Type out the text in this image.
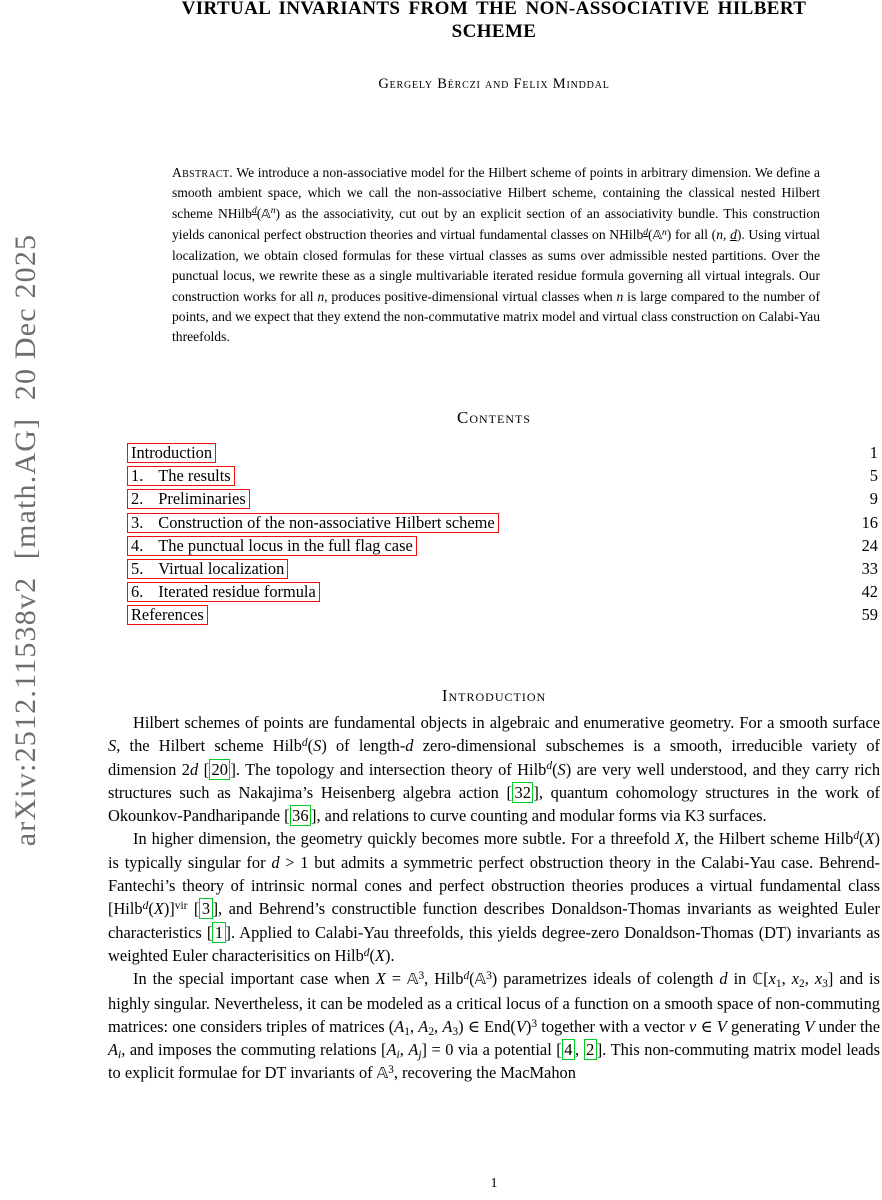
arXiv:2512.11538v2  [math.AG]  20 Dec 2025
VIRTUAL INVARIANTS FROM THE NON-ASSOCIATIVE HILBERT
SCHEME
Gergely Bérczi and Felix Minddal
Abstract. We introduce a non-associative model for the Hilbert scheme of points in arbitrary dimension. We define a smooth ambient space, which we call the non-associative Hilbert scheme, containing the classical nested Hilbert scheme NHilb$^d$(𝔸$^n$) as the associativity, cut out by an explicit section of an associativity bundle. This construction yields canonical perfect obstruction theories and virtual fundamental classes on NHilb$^d$(𝔸$^n$) for all (n, d). Using virtual localization, we obtain closed formulas for these virtual classes as sums over admissible nested partitions. Over the punctual locus, we rewrite these as a single multivariable iterated residue formula governing all virtual integrals. Our construction works for all n, produces positive-dimensional virtual classes when n is large compared to the number of points, and we expect that they extend the non-commutative matrix model and virtual class construction on Calabi-Yau threefolds.
Contents
Introduction	1
1. The results	5
2. Preliminaries	9
3. Construction of the non-associative Hilbert scheme	16
4. The punctual locus in the full flag case	24
5. Virtual localization	33
6. Iterated residue formula	42
References	59
Introduction

Hilbert schemes of points are fundamental objects in algebraic and enumerative geometry. For a smooth surface S, the Hilbert scheme Hilb$^d$(S) of length-d zero-dimensional subschemes is a smooth, irreducible variety of dimension 2d [ 20 ]. The topology and intersection theory of Hilb$^d$(S) are very well understood, and they carry rich structures such as Nakajima’s Heisenberg algebra action [ 32 ], quantum cohomology structures in the work of Okounkov-Pandharipande [ 36 ], and relations to curve counting and modular forms via K3 surfaces.

In higher dimension, the geometry quickly becomes more subtle. For a threefold X, the Hilbert scheme Hilb$^d$(X) is typically singular for d > 1 but admits a symmetric perfect obstruction theory in the Calabi-Yau case. Behrend-Fantechi’s theory of intrinsic normal cones and perfect obstruction theories produces a virtual fundamental class [Hilb$^d$(X)]$^{vir}$ [ 3 ], and Behrend’s constructible function describes Donaldson-Thomas invariants as weighted Euler characteristics [ 1 ]. Applied to Calabi-Yau threefolds, this yields degree-zero Donaldson-Thomas (DT) invariants as weighted Euler characterisitics on Hilb$^d$(X).

In the special important case when X = 𝔸$^3$, Hilb$^d$(𝔸$^3$) parametrizes ideals of colength d in ℂ[x1, x2, x3] and is highly singular. Nevertheless, it can be modeled as a critical locus of a function on a smooth space of non-commuting matrices: one considers triples of matrices (A1, A2, A3) ∈ $End(V)^3$ together with a vector v ∈ V generating V under the Ai, and imposes the commuting relations [Ai, Aj] = 0 via a potential [ 4 , 2 ]. This non-commuting matrix model leads to explicit formulae for DT invariants of 𝔸$^3$, recovering the MacMahon

1
